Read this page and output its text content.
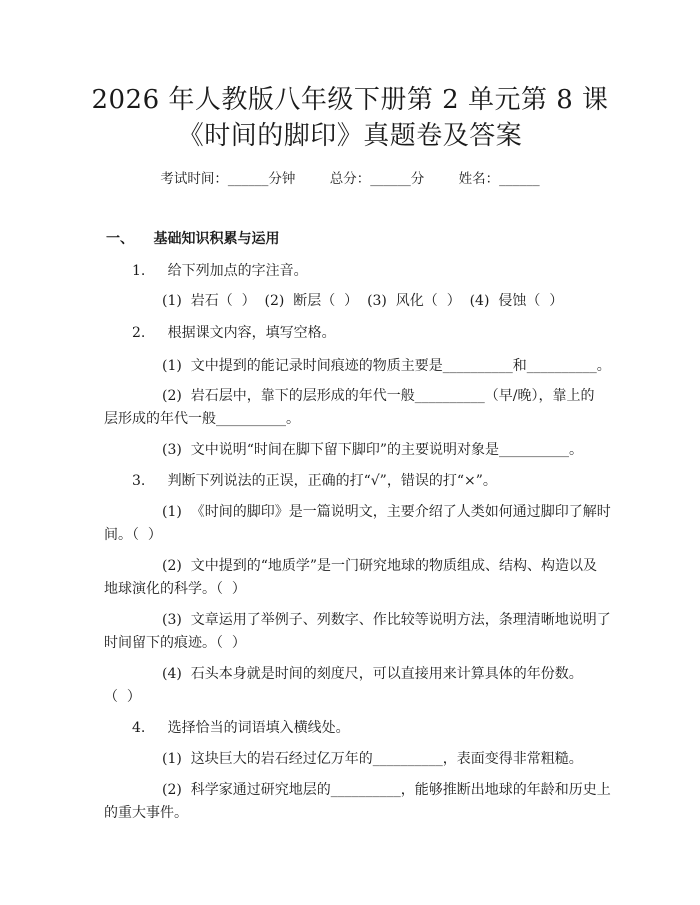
2026 年人教版八年级下册第 2 单元第 8 课
《时间的脚印》真题卷及答案
考试时间：______分钟        总分：______分        姓名：______
一、    基础知识积累与运用
1.     给下列加点的字注音。
(1)  岩石（  ）  (2)  断层（  ）  (3)  风化（  ）  (4)  侵蚀（  ）
2.     根据课文内容，填写空格。
(1)  文中提到的能记录时间痕迹的物质主要是__________和__________。
(2)  岩石层中，靠下的层形成的年代一般__________（早/晚），靠上的
层形成的年代一般__________。
(3)  文中说明“时间在脚下留下脚印”的主要说明对象是__________。
3.     判断下列说法的正误，正确的打“√”，错误的打“×”。
(1)  《时间的脚印》是一篇说明文，主要介绍了人类如何通过脚印了解时
间。（  ）
(2)  文中提到的“地质学”是一门研究地球的物质组成、结构、构造以及
地球演化的科学。（  ）
(3)  文章运用了举例子、列数字、作比较等说明方法，条理清晰地说明了
时间留下的痕迹。（  ）
(4)  石头本身就是时间的刻度尺，可以直接用来计算具体的年份数。
（  ）
4.     选择恰当的词语填入横线处。
(1)  这块巨大的岩石经过亿万年的__________，表面变得非常粗糙。
(2)  科学家通过研究地层的__________，能够推断出地球的年龄和历史上
的重大事件。
